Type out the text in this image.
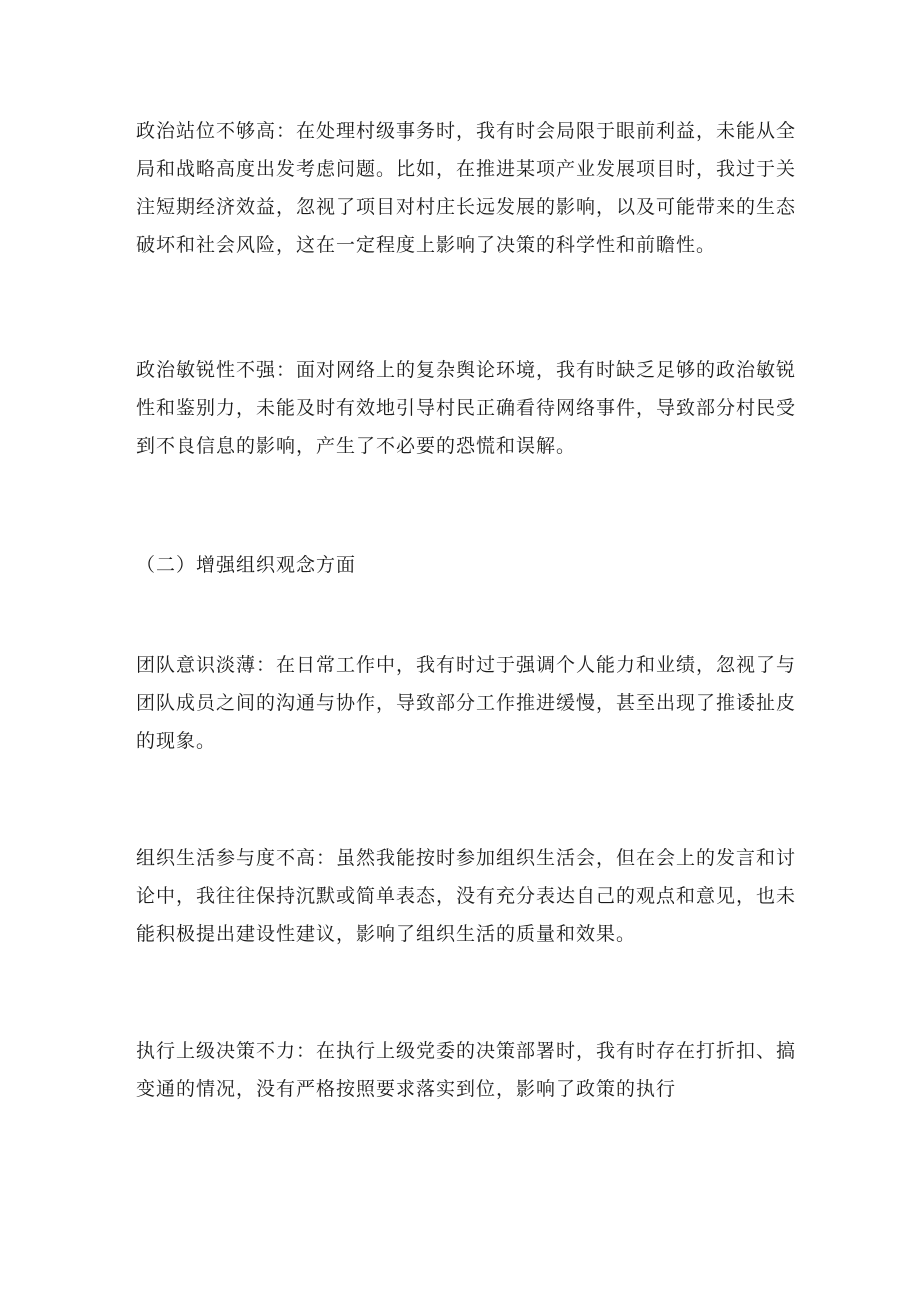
政治站位不够高：在处理村级事务时，我有时会局限于眼前利益，未能从全
局和战略高度出发考虑问题。比如，在推进某项产业发展项目时，我过于关
注短期经济效益，忽视了项目对村庄长远发展的影响，以及可能带来的生态
破坏和社会风险，这在一定程度上影响了决策的科学性和前瞻性。

政治敏锐性不强：面对网络上的复杂舆论环境，我有时缺乏足够的政治敏锐
性和鉴别力，未能及时有效地引导村民正确看待网络事件，导致部分村民受
到不良信息的影响，产生了不必要的恐慌和误解。

（二）增强组织观念方面

团队意识淡薄：在日常工作中，我有时过于强调个人能力和业绩，忽视了与
团队成员之间的沟通与协作，导致部分工作推进缓慢，甚至出现了推诿扯皮
的现象。

组织生活参与度不高：虽然我能按时参加组织生活会，但在会上的发言和讨
论中，我往往保持沉默或简单表态，没有充分表达自己的观点和意见，也未
能积极提出建设性建议，影响了组织生活的质量和效果。

执行上级决策不力：在执行上级党委的决策部署时，我有时存在打折扣、搞
变通的情况，没有严格按照要求落实到位，影响了政策的执行
